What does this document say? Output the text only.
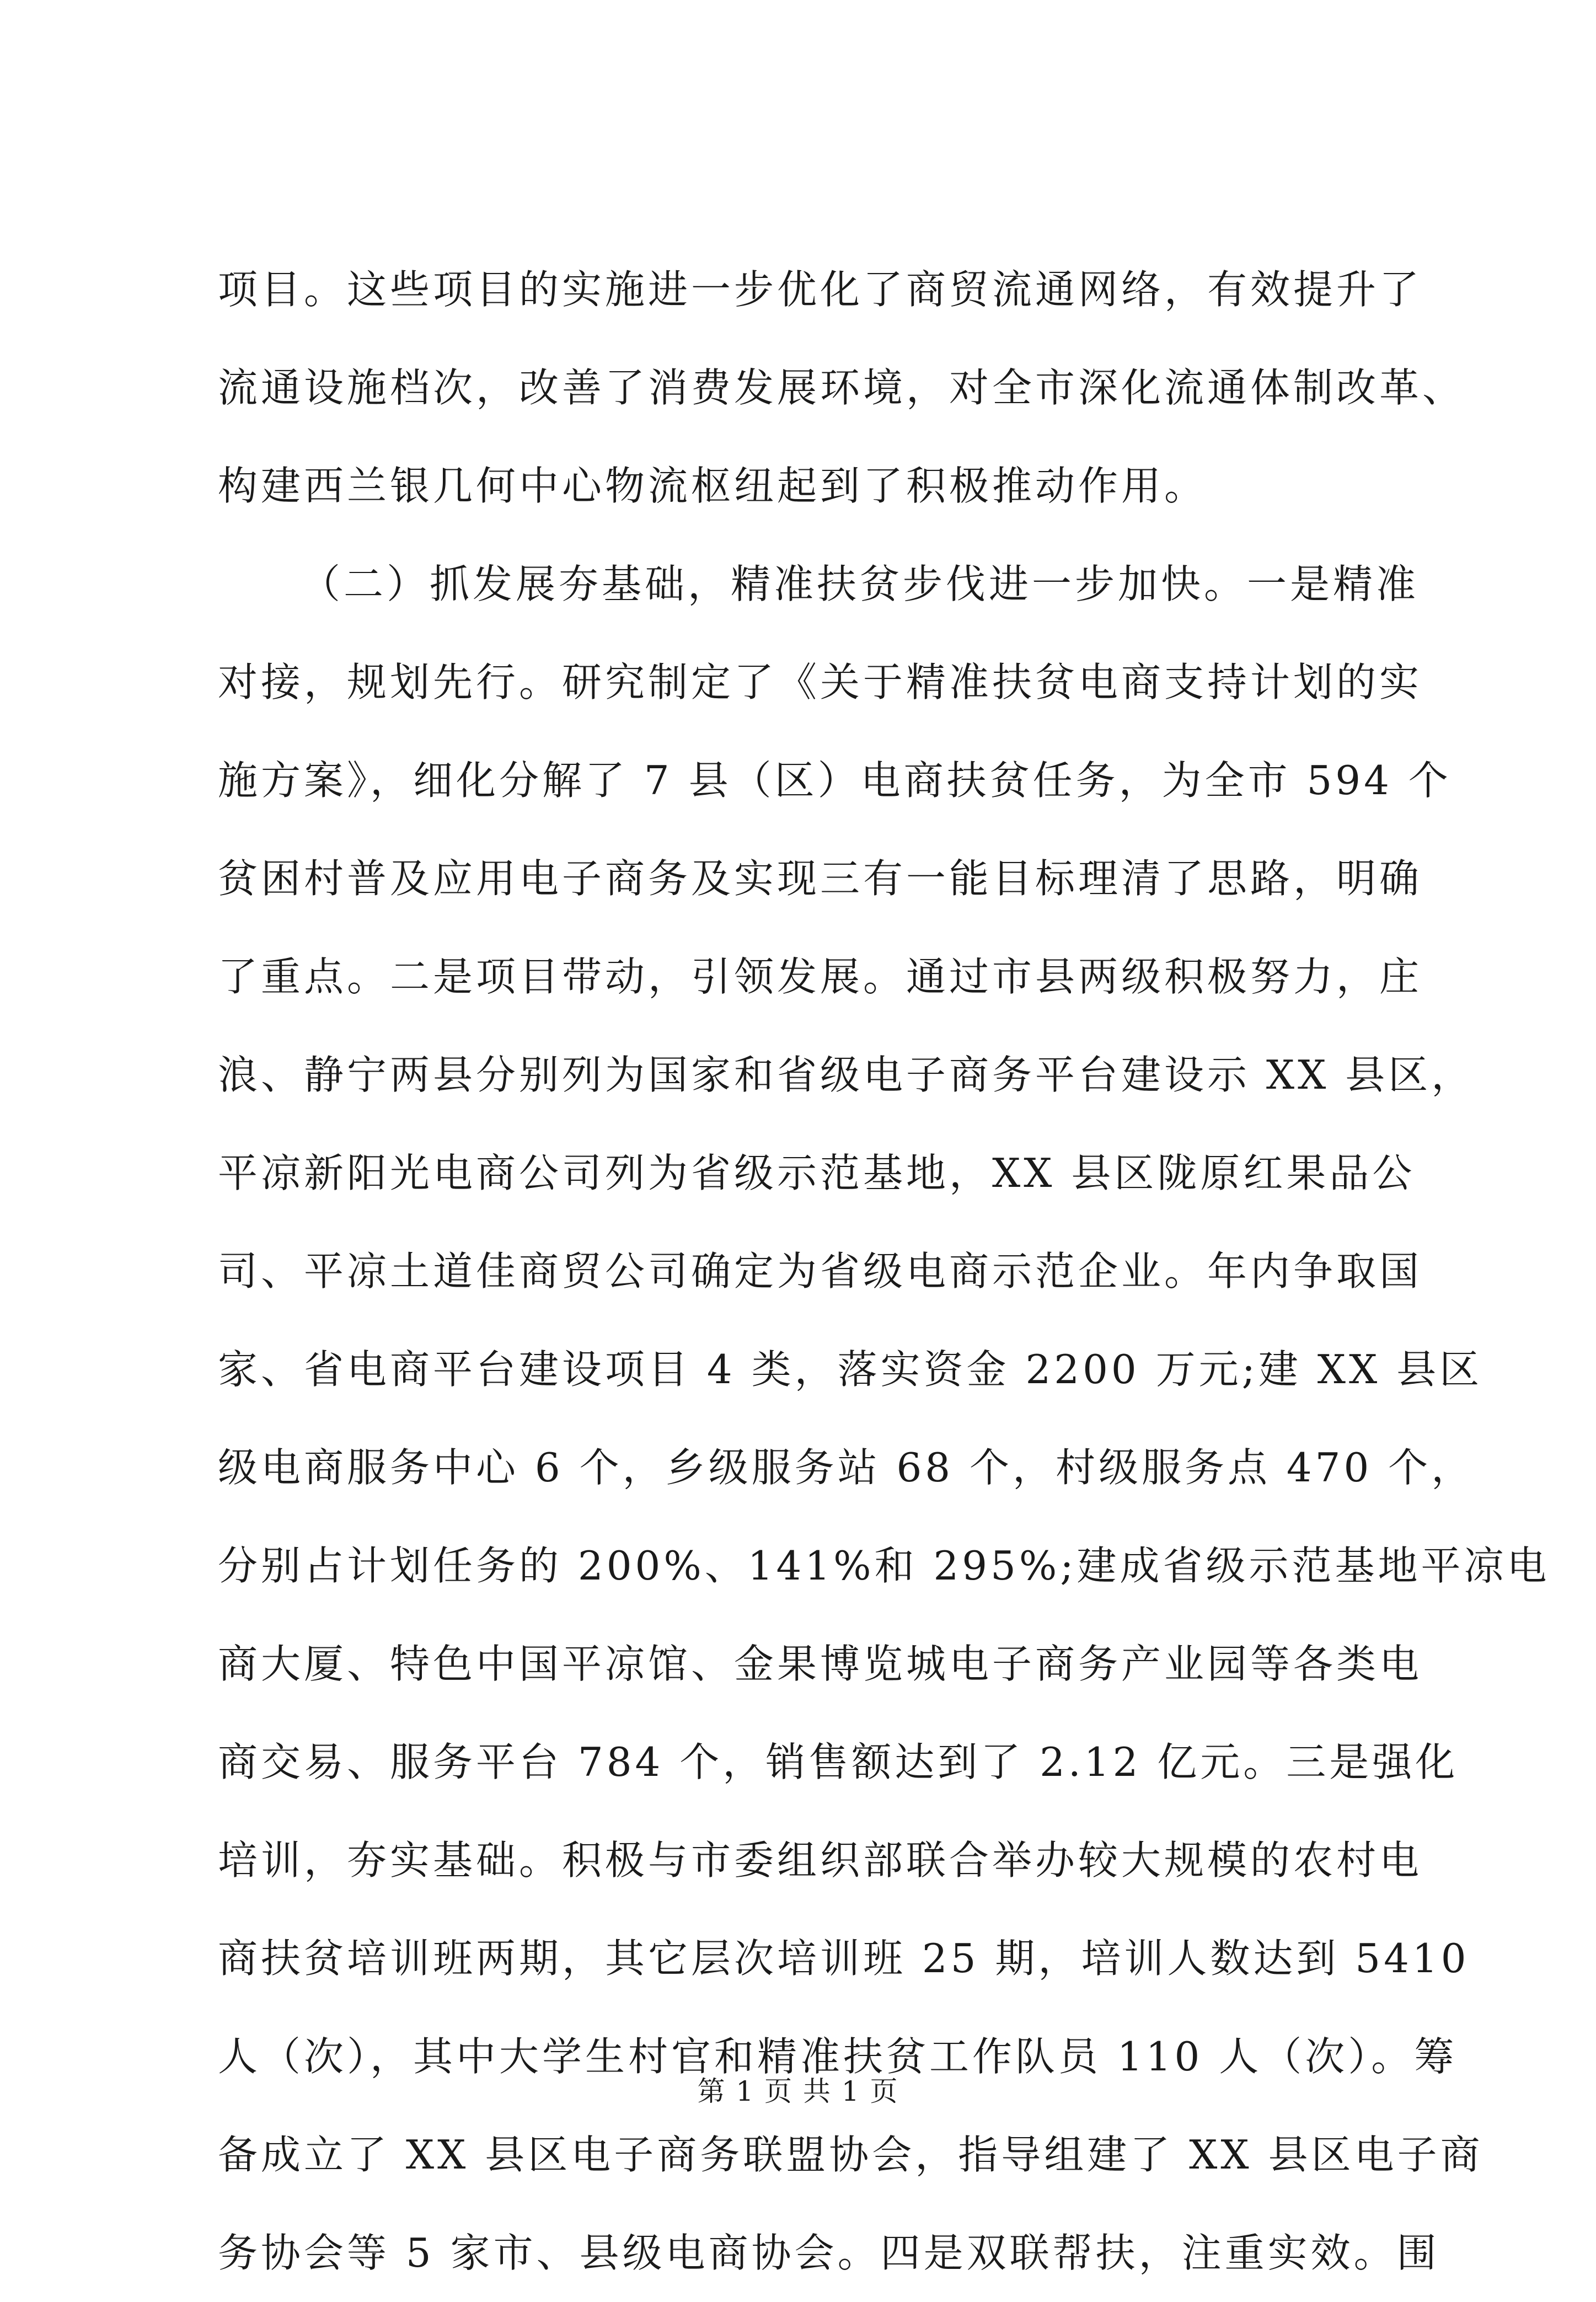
项目。这些项目的实施进一步优化了商贸流通网络，有效提升了
流通设施档次，改善了消费发展环境，对全市深化流通体制改革、
构建西兰银几何中心物流枢纽起到了积极推动作用。
（二）抓发展夯基础，精准扶贫步伐进一步加快。一是精准
对接，规划先行。研究制定了《关于精准扶贫电商支持计划的实
施方案》，细化分解了 7 县（区）电商扶贫任务，为全市 594 个
贫困村普及应用电子商务及实现三有一能目标理清了思路，明确
了重点。二是项目带动，引领发展。通过市县两级积极努力，庄
浪、静宁两县分别列为国家和省级电子商务平台建设示 XX 县区，
平凉新阳光电商公司列为省级示范基地，XX 县区陇原红果品公
司、平凉土道佳商贸公司确定为省级电商示范企业。年内争取国
家、省电商平台建设项目 4 类，落实资金 2200 万元;建 XX 县区
级电商服务中心 6 个，乡级服务站 68 个，村级服务点 470 个，
分别占计划任务的 200%、141%和 295%;建成省级示范基地平凉电
商大厦、特色中国平凉馆、金果博览城电子商务产业园等各类电
商交易、服务平台 784 个，销售额达到了 2.12 亿元。三是强化
培训，夯实基础。积极与市委组织部联合举办较大规模的农村电
商扶贫培训班两期，其它层次培训班 25 期，培训人数达到 5410
人（次），其中大学生村官和精准扶贫工作队员 110 人（次）。筹
备成立了 XX 县区电子商务联盟协会，指导组建了 XX 县区电子商
务协会等 5 家市、县级电商协会。四是双联帮扶，注重实效。围
第 1 页 共 1 页
